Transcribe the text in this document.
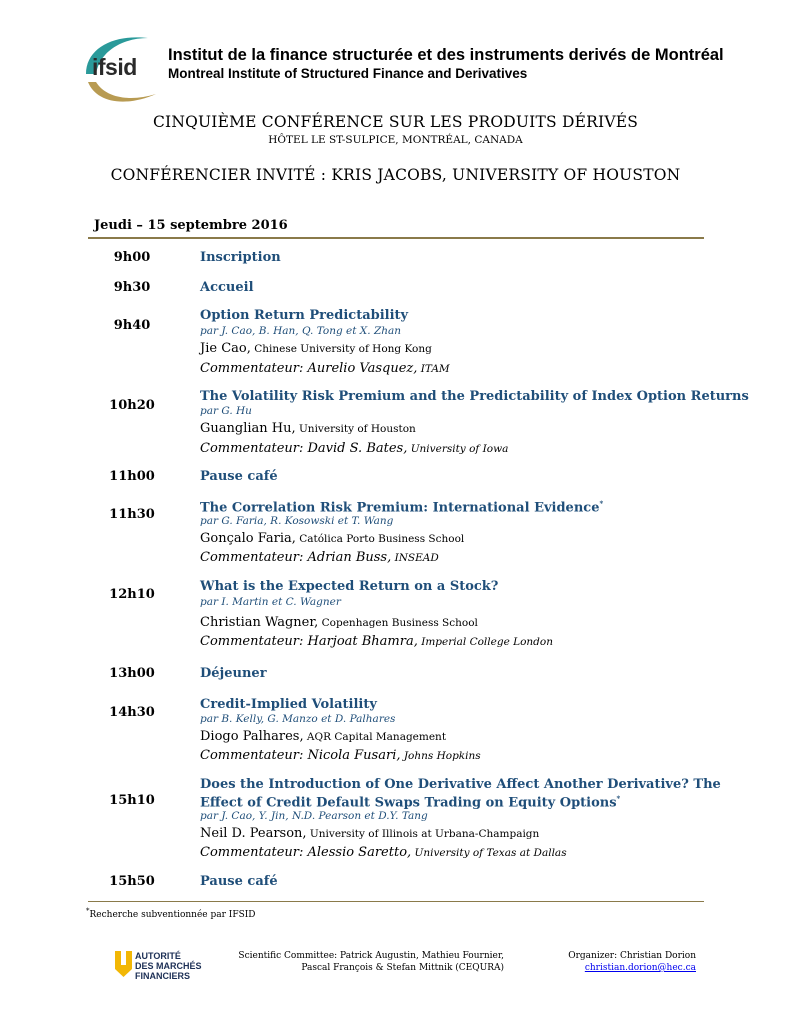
ifsid Institut de la finance structurée et des instruments derivés de Montréal
Montreal Institute of Structured Finance and Derivatives
CINQUIÈME CONFÉRENCE SUR LES PRODUITS DÉRIVÉS
HÔTEL LE ST-SULPICE, MONTRÉAL, CANADA
CONFÉRENCIER INVITÉ : KRIS JACOBS, UNIVERSITY OF HOUSTON
Jeudi – 15 septembre 2016
9h00	Inscription
9h30	Accueil
9h40
Option Return Predictability
par J. Cao, B. Han, Q. Tong et X. Zhan
Jie Cao, Chinese University of Hong Kong
Commentateur: Aurelio Vasquez, ITAM
10h20
The Volatility Risk Premium and the Predictability of Index Option Returns
par G. Hu
Guanglian Hu, University of Houston
Commentateur: David S. Bates, University of Iowa
11h00	Pause café
11h30	The Correlation Risk Premium: International Evidence*
par G. Faria, R. Kosowski et T. Wang
Gonçalo Faria, Católica Porto Business School
Commentateur: Adrian Buss, INSEAD
12h10
What is the Expected Return on a Stock?
par I. Martin et C. Wagner
Christian Wagner, Copenhagen Business School
Commentateur: Harjoat Bhamra, Imperial College London
13h00	Déjeuner
14h30
Credit-Implied Volatility
par B. Kelly, G. Manzo et D. Palhares
Diogo Palhares, AQR Capital Management
Commentateur: Nicola Fusari, Johns Hopkins
15h10
Does the Introduction of One Derivative Affect Another Derivative? The
Effect of Credit Default Swaps Trading on Equity Options*
par J. Cao, Y. Jin, N.D. Pearson et D.Y. Tang
Neil D. Pearson, University of Illinois at Urbana-Champaign
Commentateur: Alessio Saretto, University of Texas at Dallas
15h50	Pause café
*Recherche subventionnée par IFSID
AUTORITÉ
DES MARCHÉS
FINANCIERS
Scientific Committee: Patrick Augustin, Mathieu Fournier,
Pascal François & Stefan Mittnik (CEQURA)
Organizer: Christian Dorion
christian.dorion@hec.ca
